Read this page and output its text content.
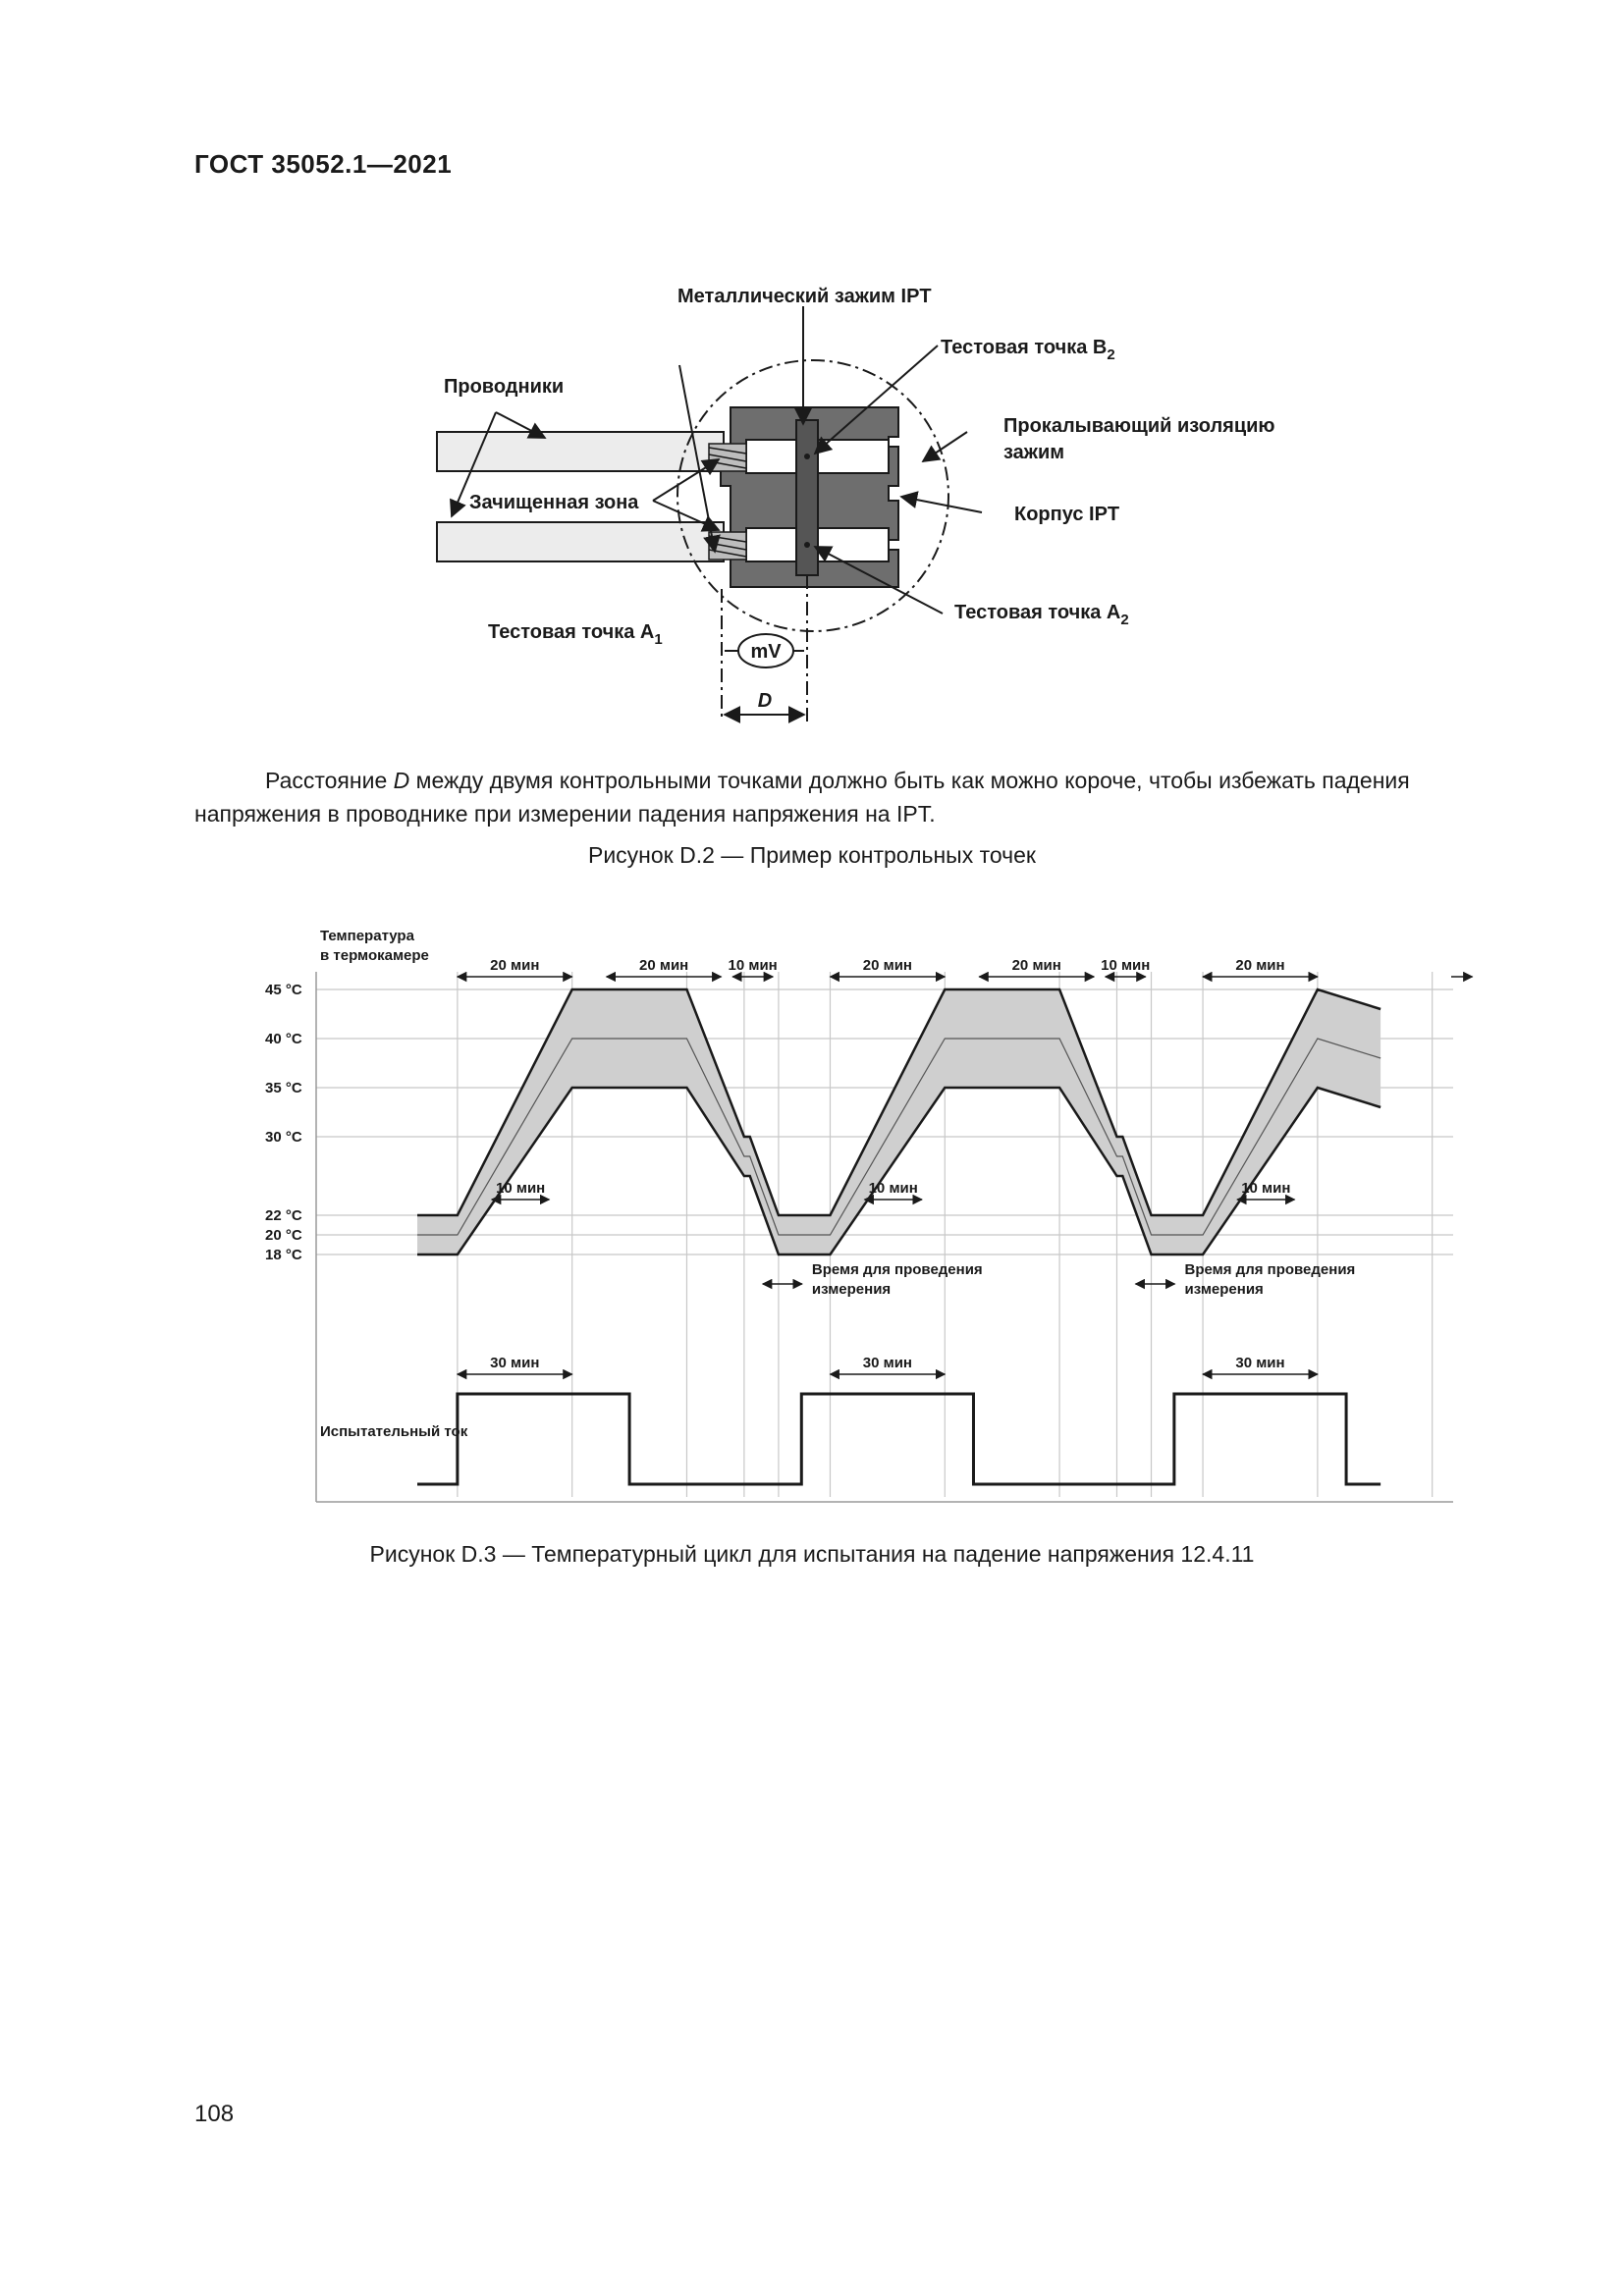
ГОСТ 35052.1—2021
mV
D
Металлический зажим IPT
Тестовая точка $B_2$
Проводники
Прокалывающий изоляцию
зажим
Зачищенная зона
Корпус IPT
Тестовая точка $A_2$
Тестовая точка $A_1$
Расстояние D между двумя контрольными точками должно быть как можно короче, чтобы избежать падения напряжения в проводнике при измерении падения напряжения на IPT.
Рисунок D.2 — Пример контрольных точек
45 °C
40 °C
35 °C
30 °C
22 °C
20 °C
18 °C
20 мин	20 мин	10 мин
10 мин
30 мин
20 мин	20 мин	10 мин
10 мин
30 мин
Время для проведения
измерения
20 мин
10 мин
30 мин
Время для проведения
измерения
Температура
в термокамере
Испытательный ток
Рисунок D.3 — Температурный цикл для испытания на падение напряжения 12.4.11
108
